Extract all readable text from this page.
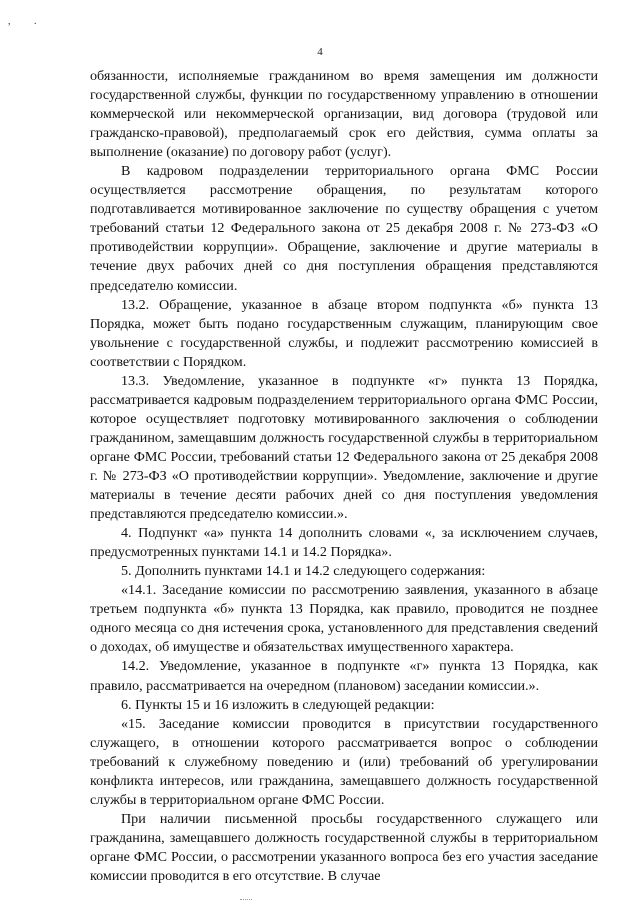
, .
4

обязанности, исполняемые гражданином во время замещения им должности государственной службы, функции по государственному управлению в отношении коммерческой или некоммерческой организации, вид договора (трудовой или гражданско-правовой), предполагаемый срок его действия, сумма оплаты за выполнение (оказание) по договору работ (услуг).

В кадровом подразделении территориального органа ФМС России осуществляется рассмотрение обращения, по результатам которого подготавливается мотивированное заключение по существу обращения с учетом требований статьи 12 Федерального закона от 25 декабря 2008 г. № 273-ФЗ «О противодействии коррупции». Обращение, заключение и другие материалы в течение двух рабочих дней со дня поступления обращения представляются председателю комиссии.

13.2. Обращение, указанное в абзаце втором подпункта «б» пункта 13 Порядка, может быть подано государственным служащим, планирующим свое увольнение с государственной службы, и подлежит рассмотрению комиссией в соответствии с Порядком.

13.3. Уведомление, указанное в подпункте «г» пункта 13 Порядка, рассматривается кадровым подразделением территориального органа ФМС России, которое осуществляет подготовку мотивированного заключения о соблюдении гражданином, замещавшим должность государственной службы в территориальном органе ФМС России, требований статьи 12 Федерального закона от 25 декабря 2008 г. № 273-ФЗ «О противодействии коррупции». Уведомление, заключение и другие материалы в течение десяти рабочих дней со дня поступления уведомления представляются председателю комиссии.».

4. Подпункт «а» пункта 14 дополнить словами «, за исключением случаев, предусмотренных пунктами 14.1 и 14.2 Порядка».

5. Дополнить пунктами 14.1 и 14.2 следующего содержания:

«14.1. Заседание комиссии по рассмотрению заявления, указанного в абзаце третьем подпункта «б» пункта 13 Порядка, как правило, проводится не позднее одного месяца со дня истечения срока, установленного для представления сведений о доходах, об имуществе и обязательствах имущественного характера.

14.2. Уведомление, указанное в подпункте «г» пункта 13 Порядка, как правило, рассматривается на очередном (плановом) заседании комиссии.».

6. Пункты 15 и 16 изложить в следующей редакции:

«15. Заседание комиссии проводится в присутствии государственного служащего, в отношении которого рассматривается вопрос о соблюдении требований к служебному поведению и (или) требований об урегулировании конфликта интересов, или гражданина, замещавшего должность государственной службы в территориальном органе ФМС России.

При наличии письменной просьбы государственного служащего или гражданина, замещавшего должность государственной службы в территориальном органе ФМС России, о рассмотрении указанного вопроса без его участия заседание комиссии проводится в его отсутствие. В случае
